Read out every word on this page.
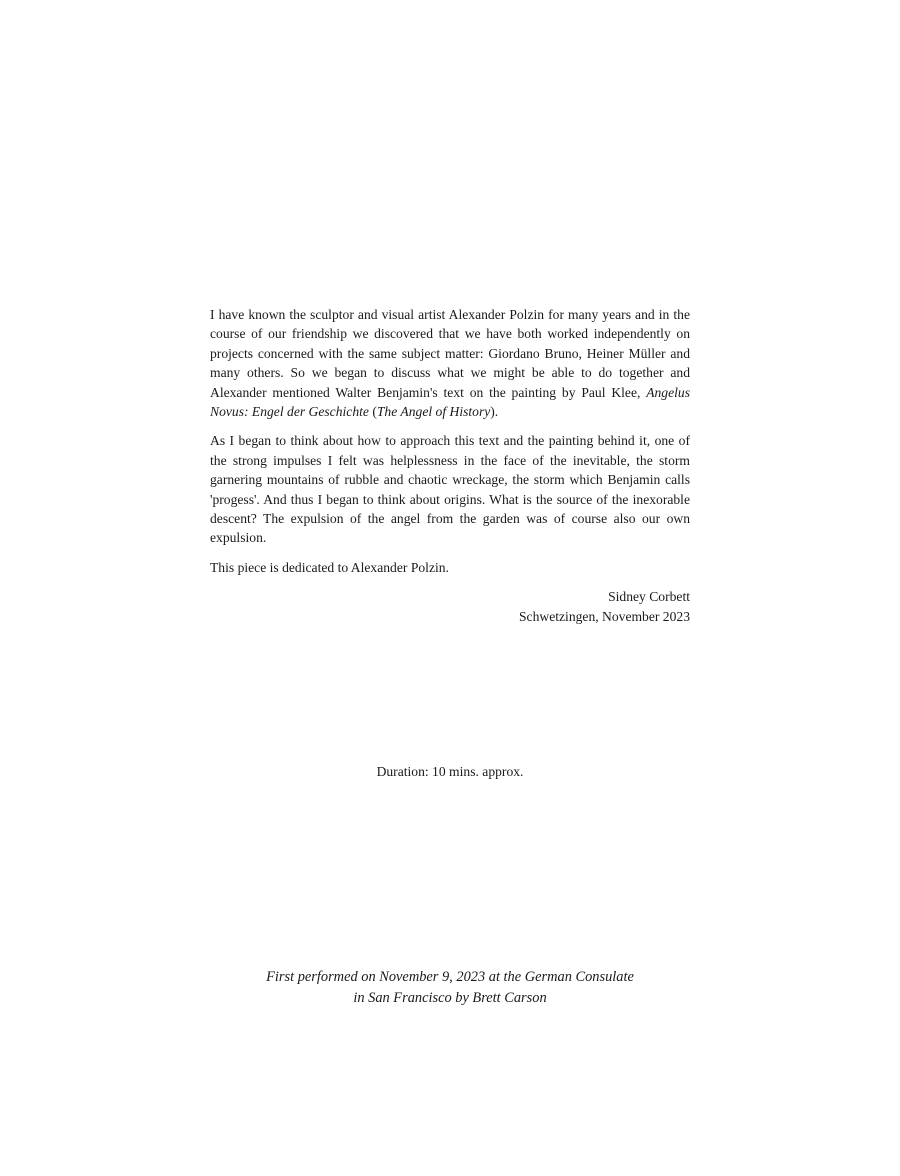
I have known the sculptor and visual artist Alexander Polzin for many years and in the course of our friendship we discovered that we have both worked independently on projects concerned with the same subject matter: Giordano Bruno, Heiner Müller and many others. So we began to discuss what we might be able to do together and Alexander mentioned Walter Benjamin's text on the painting by Paul Klee, Angelus Novus: Engel der Geschichte (The Angel of History).

As I began to think about how to approach this text and the painting behind it, one of the strong impulses I felt was helplessness in the face of the inevitable, the storm garnering mountains of rubble and chaotic wreckage, the storm which Benjamin calls 'progess'. And thus I began to think about origins. What is the source of the inexorable descent? The expulsion of the angel from the garden was of course also our own expulsion.

This piece is dedicated to Alexander Polzin.

Sidney Corbett
Schwetzingen, November 2023
Duration: 10 mins. approx.
First performed on November 9, 2023 at the German Consulate
in San Francisco by Brett Carson
